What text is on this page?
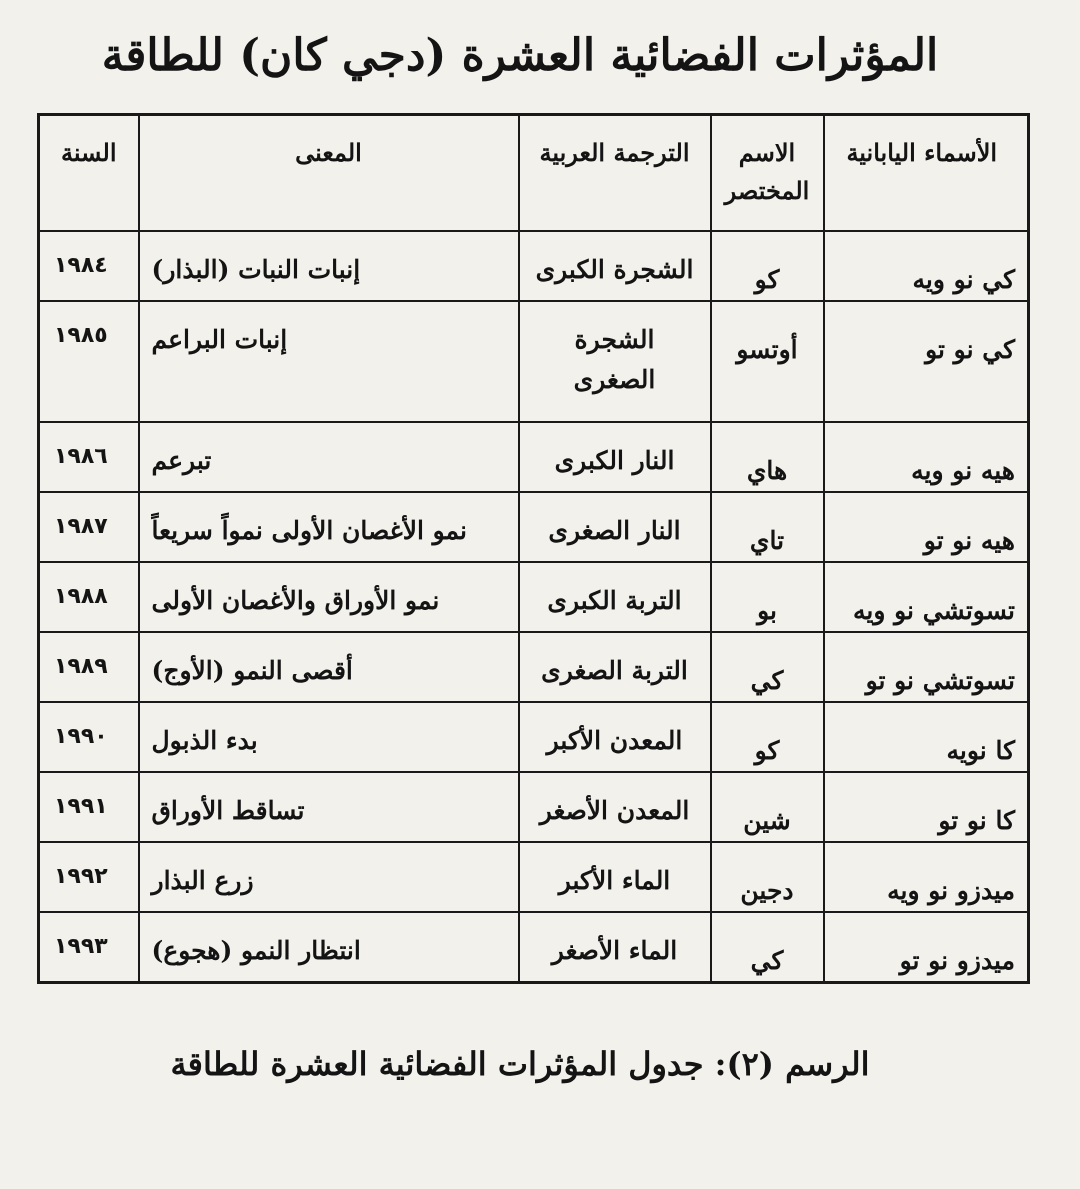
المؤثرات الفضائية العشرة (دجي كان) للطاقة
الأسماء اليابانية	الاسم المختصر	الترجمة العربية	المعنى	السنة
كي نو ويه	كو	الشجرة الكبرى	إنبات النبات (البذار)	١٩٨٤
كي نو تو	أوتسو	الشجرة الصغرى	إنبات البراعم	١٩٨٥
هيه نو ويه	هاي	النار الكبرى	تبرعم	١٩٨٦
هيه نو تو	تاي	النار الصغرى	نمو الأغصان الأولى نمواً سريعاً	١٩٨٧
تسوتشي نو ويه	بو	التربة الكبرى	نمو الأوراق والأغصان الأولى	١٩٨٨
تسوتشي نو تو	كي	التربة الصغرى	أقصى النمو (الأوج)	١٩٨٩
كا نويه	كو	المعدن الأكبر	بدء الذبول	١٩٩٠
كا نو تو	شين	المعدن الأصغر	تساقط الأوراق	١٩٩١
ميدزو نو ويه	دجين	الماء الأكبر	زرع البذار	١٩٩٢
ميدزو نو تو	كي	الماء الأصغر	انتظار النمو (هجوع)	١٩٩٣

الرسم (٢): جدول المؤثرات الفضائية العشرة للطاقة
